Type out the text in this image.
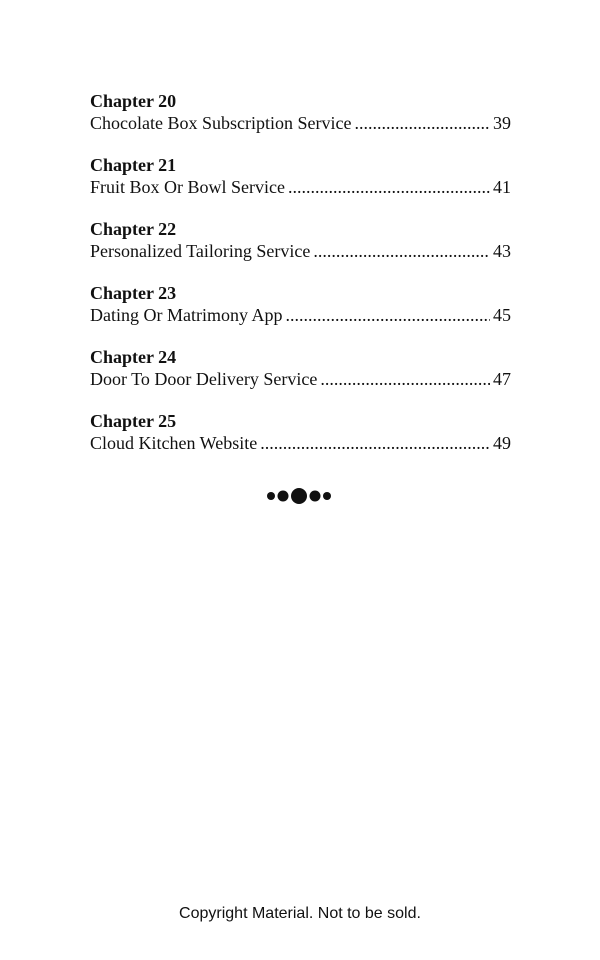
Chapter 20
Chocolate Box Subscription Service .....	39
Chapter 21
Fruit Box Or Bowl Service .....	41
Chapter 22
Personalized Tailoring Service .....	43
Chapter 23
Dating Or Matrimony App .....	45
Chapter 24
Door To Door Delivery Service .....	47
Chapter 25
Cloud Kitchen Website .....	49
Copyright Material. Not to be sold.
